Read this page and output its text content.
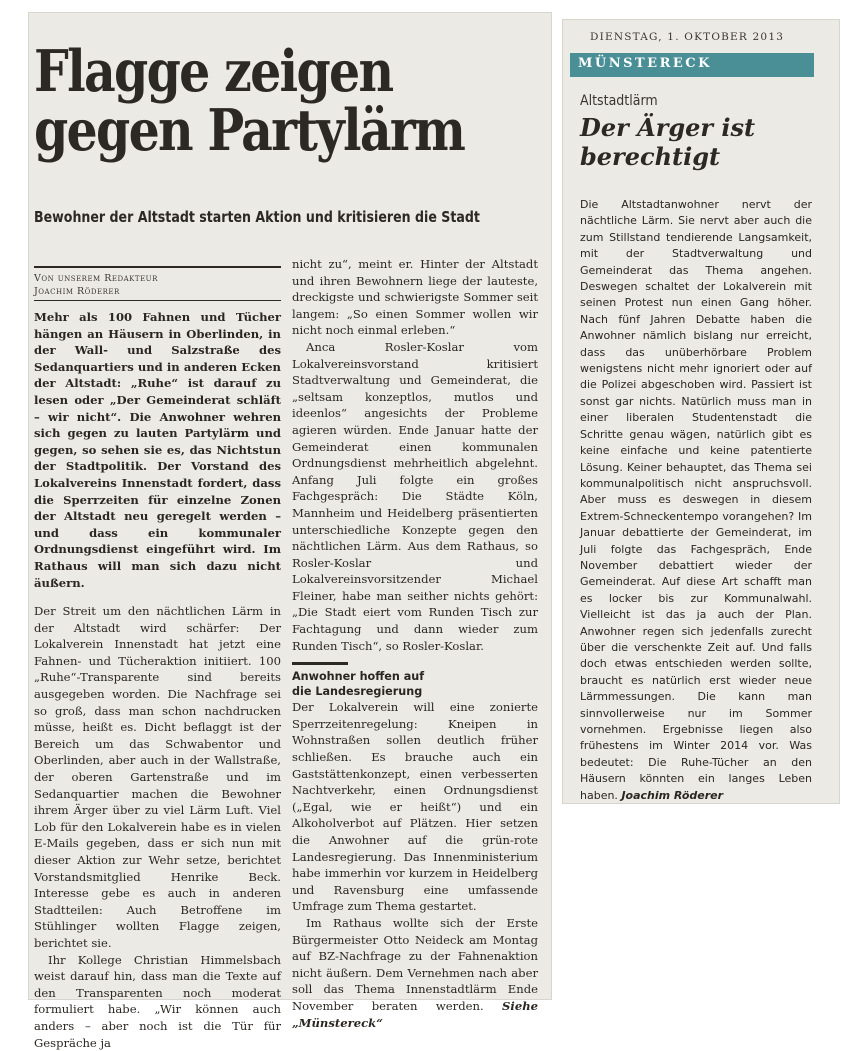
Flagge zeigen gegen Partylärm
Bewohner der Altstadt starten Aktion und kritisieren die Stadt
Von unserem Redakteur
Joachim Röderer

Mehr als 100 Fahnen und Tücher hängen an Häusern in Oberlinden, in der Wall- und Salzstraße des Sedanquartiers und in anderen Ecken der Altstadt: „Ruhe“ ist darauf zu lesen oder „Der Gemeinderat schläft – wir nicht“. Die Anwohner wehren sich gegen zu lauten Partylärm und gegen, so sehen sie es, das Nichtstun der Stadtpolitik. Der Vorstand des Lokalvereins Innenstadt fordert, dass die Sperrzeiten für einzelne Zonen der Altstadt neu geregelt werden – und dass ein kommunaler Ordnungsdienst eingeführt wird. Im Rathaus will man sich dazu nicht äußern.

Der Streit um den nächtlichen Lärm in der Altstadt wird schärfer: Der Lokalverein Innenstadt hat jetzt eine Fahnen- und Tücheraktion initiiert. 100 „Ruhe“-Transparente sind bereits ausgegeben worden. Die Nachfrage sei so groß, dass man schon nachdrucken müsse, heißt es. Dicht beflaggt ist der Bereich um das Schwabentor und Oberlinden, aber auch in der Wallstraße, der oberen Gartenstraße und im Sedanquartier machen die Bewohner ihrem Ärger über zu viel Lärm Luft. Viel Lob für den Lokalverein habe es in vielen E-Mails gegeben, dass er sich nun mit dieser Aktion zur Wehr setze, berichtet Vorstandsmitglied Henrike Beck. Interesse gebe es auch in anderen Stadtteilen: Auch Betroffene im Stühlinger wollten Flagge zeigen, berichtet sie.

Ihr Kollege Christian Himmelsbach weist darauf hin, dass man die Texte auf den Transparenten noch moderat formuliert habe. „Wir können auch anders – aber noch ist die Tür für Gespräche ja

nicht zu“, meint er. Hinter der Altstadt und ihren Bewohnern liege der lauteste, dreckigste und schwierigste Sommer seit langem: „So einen Sommer wollen wir nicht noch einmal erleben.“

Anca Rosler-Koslar vom Lokalvereinsvorstand kritisiert Stadtverwaltung und Gemeinderat, die „seltsam konzeptlos, mutlos und ideenlos“ angesichts der Probleme agieren würden. Ende Januar hatte der Gemeinderat einen kommunalen Ordnungsdienst mehrheitlich abgelehnt. Anfang Juli folgte ein großes Fachgespräch: Die Städte Köln, Mannheim und Heidelberg präsentierten unterschiedliche Konzepte gegen den nächtlichen Lärm. Aus dem Rathaus, so Rosler-Koslar und Lokalvereinsvorsitzender Michael Fleiner, habe man seither nichts gehört: „Die Stadt eiert vom Runden Tisch zur Fachtagung und dann wieder zum Runden Tisch“, so Rosler-Koslar.

Anwohner hoffen auf
die Landesregierung

Der Lokalverein will eine zonierte Sperrzeitenregelung: Kneipen in Wohnstraßen sollen deutlich früher schließen. Es brauche auch ein Gaststättenkonzept, einen verbesserten Nachtverkehr, einen Ordnungsdienst („Egal, wie er heißt“) und ein Alkoholverbot auf Plätzen. Hier setzen die Anwohner auf die grün-rote Landesregierung. Das Innenministerium habe immerhin vor kurzem in Heidelberg und Ravensburg eine umfassende Umfrage zum Thema gestartet.

Im Rathaus wollte sich der Erste Bürgermeister Otto Neideck am Montag auf BZ-Nachfrage zu der Fahnenaktion nicht äußern. Dem Vernehmen nach aber soll das Thema Innenstadtlärm Ende November beraten werden. Siehe „Münstereck“

DIENSTAG, 1. OKTOBER 2013
MÜNSTERECK
Altstadtlärm
Der Ärger ist berechtigt

Die Altstadtanwohner nervt der nächtliche Lärm. Sie nervt aber auch die zum Stillstand tendierende Langsamkeit, mit der Stadtverwaltung und Gemeinderat das Thema angehen. Deswegen schaltet der Lokalverein mit seinen Protest nun einen Gang höher. Nach fünf Jahren Debatte haben die Anwohner nämlich bislang nur erreicht, dass das unüberhörbare Problem wenigstens nicht mehr ignoriert oder auf die Polizei abgeschoben wird. Passiert ist sonst gar nichts. Natürlich muss man in einer liberalen Studentenstadt die Schritte genau wägen, natürlich gibt es keine einfache und keine patentierte Lösung. Keiner behauptet, das Thema sei kommunalpolitisch nicht anspruchsvoll. Aber muss es deswegen in diesem Extrem-Schneckentempo vorangehen? Im Januar debattierte der Gemeinderat, im Juli folgte das Fachgespräch, Ende November debattiert wieder der Gemeinderat. Auf diese Art schafft man es locker bis zur Kommunalwahl. Vielleicht ist das ja auch der Plan. Anwohner regen sich jedenfalls zurecht über die verschenkte Zeit auf. Und falls doch etwas entschieden werden sollte, braucht es natürlich erst wieder neue Lärmmessungen. Die kann man sinnvollerweise nur im Sommer vornehmen. Ergebnisse liegen also frühestens im Winter 2014 vor. Was bedeutet: Die Ruhe-Tücher an den Häusern könnten ein langes Leben haben. Joachim Röderer
